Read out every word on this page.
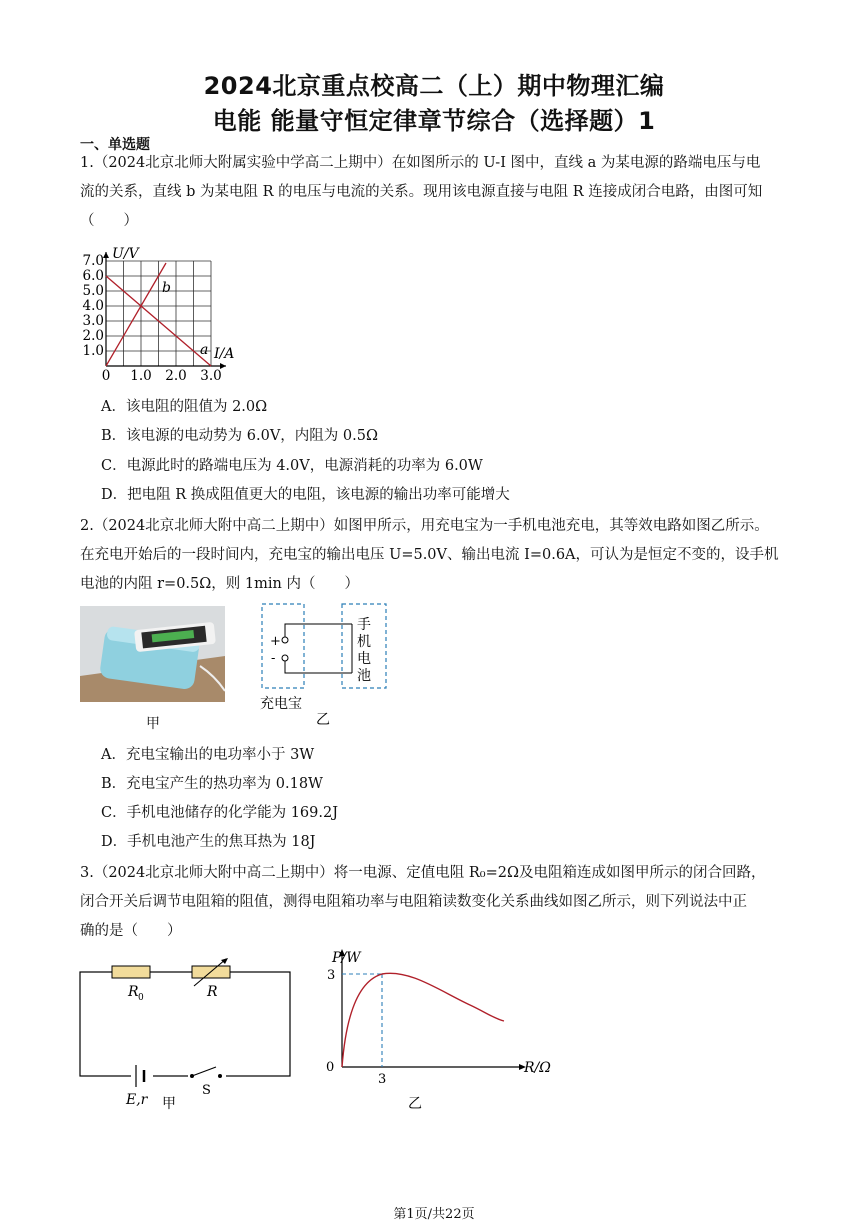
2024北京重点校高二（上）期中物理汇编
电能 能量守恒定律章节综合（选择题）1
一、单选题
1.（2024北京北师大附属实验中学高二上期中）在如图所示的 U-I 图中，直线 a 为某电源的路端电压与电
流的关系，直线 b 为某电阻 R 的电压与电流的关系。现用该电源直接与电阻 R 连接成闭合电路，由图可知
（　　）
U/V
I/A
b
a
7.0
6.0
5.0
4.0
3.0
2.0
1.0
0 1.0 2.0 3.0
A．该电阻的阻值为 2.0Ω
B．该电源的电动势为 6.0V，内阻为 0.5Ω
C．电源此时的路端电压为 4.0V，电源消耗的功率为 6.0W
D．把电阻 R 换成阻值更大的电阻，该电源的输出功率可能增大
2.（2024北京北师大附中高二上期中）如图甲所示，用充电宝为一手机电池充电，其等效电路如图乙所示。
在充电开始后的一段时间内，充电宝的输出电压 U=5.0V、输出电流 I=0.6A，可认为是恒定不变的，设手机
电池的内阻 r=0.5Ω，则 1min 内（　　）
甲
+
-
手
机
电
池
充电宝
乙
A．充电宝输出的电功率小于 3W
B．充电宝产生的热功率为 0.18W
C．手机电池储存的化学能为 169.2J
D．手机电池产生的焦耳热为 18J
3.（2024北京北师大附中高二上期中）将一电源、定值电阻 R₀=2Ω及电阻箱连成如图甲所示的闭合回路，
闭合开关后调节电阻箱的阻值，测得电阻箱功率与电阻箱读数变化关系曲线如图乙所示，则下列说法中正
确的是（　　）
R 0	R
E,r
S
甲
P/W
R/Ω
3
3
0
乙
第1页/共22页
